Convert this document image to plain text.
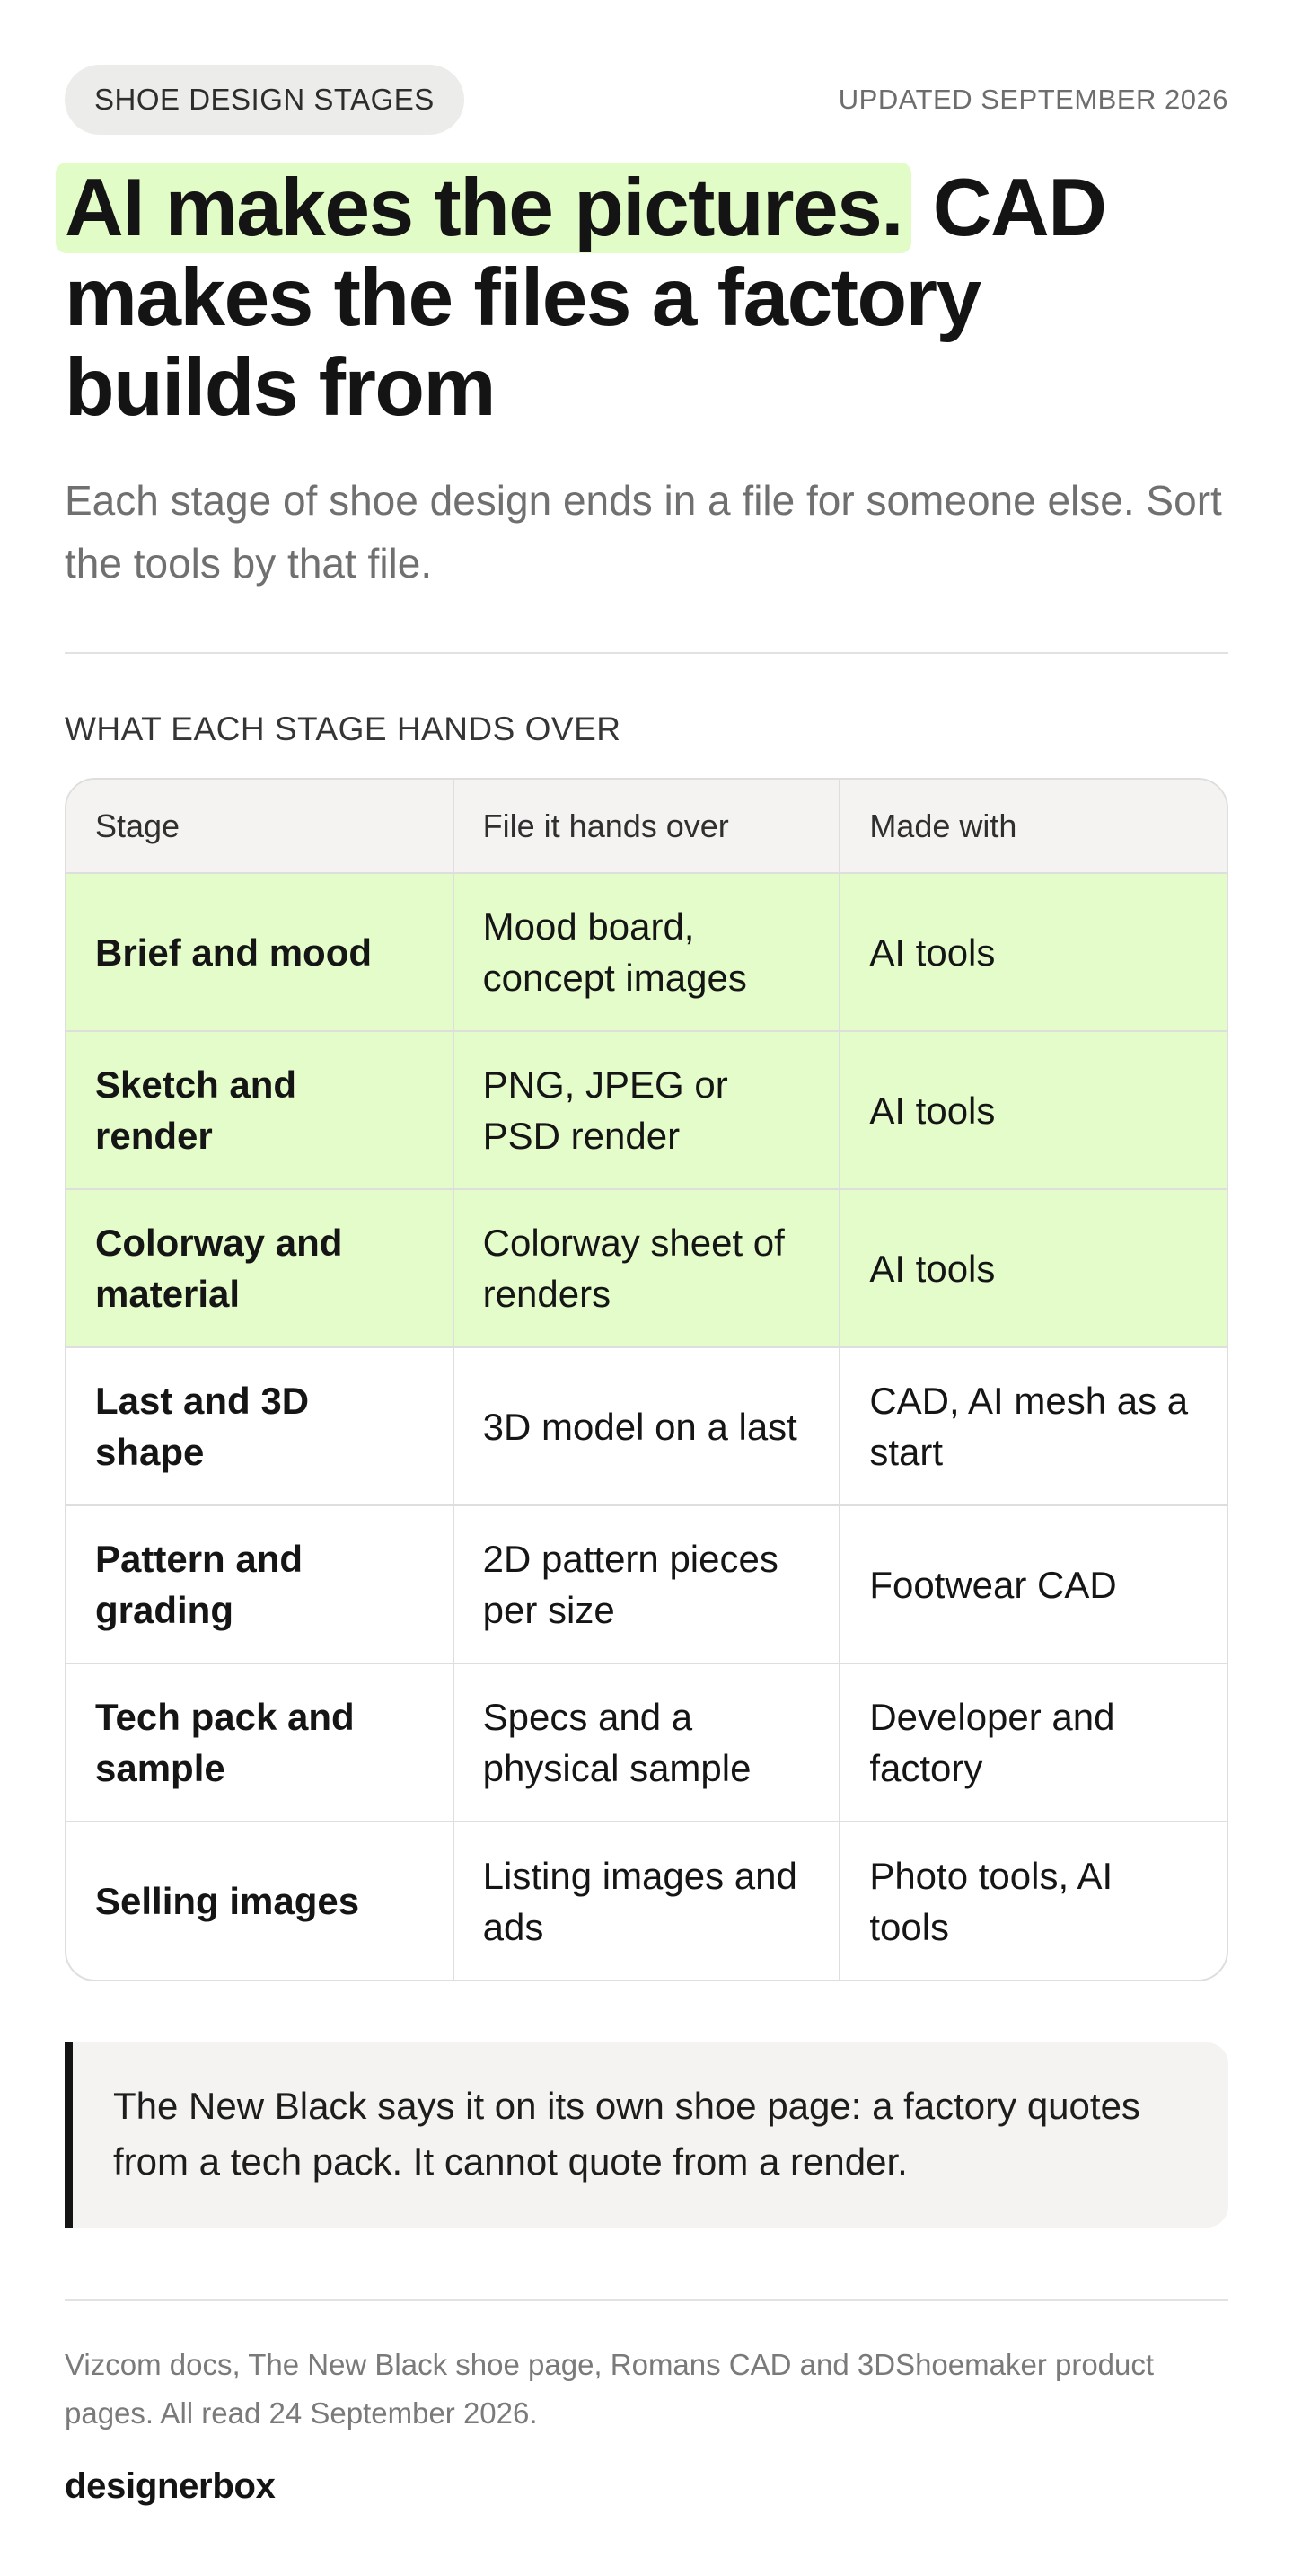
SHOE DESIGN STAGES	UPDATED SEPTEMBER 2026
AI makes the pictures. CAD makes the files a factory builds from

Each stage of shoe design ends in a file for someone else. Sort the tools by that file.

WHAT EACH STAGE HANDS OVER
Stage	File it hands over	Made with
Brief and mood	Mood board, concept images	AI tools
Sketch and render	PNG, JPEG or PSD render	AI tools
Colorway and material	Colorway sheet of renders	AI tools
Last and 3D shape	3D model on a last	CAD, AI mesh as a start
Pattern and grading	2D pattern pieces per size	Footwear CAD
Tech pack and sample	Specs and a physical sample	Developer and factory
Selling images	Listing images and ads	Photo tools, AI tools
The New Black says it on its own shoe page: a factory quotes from a tech pack. It cannot quote from a render.
Vizcom docs, The New Black shoe page, Romans CAD and 3DShoemaker product pages. All read 24 September 2026.
designerbox
